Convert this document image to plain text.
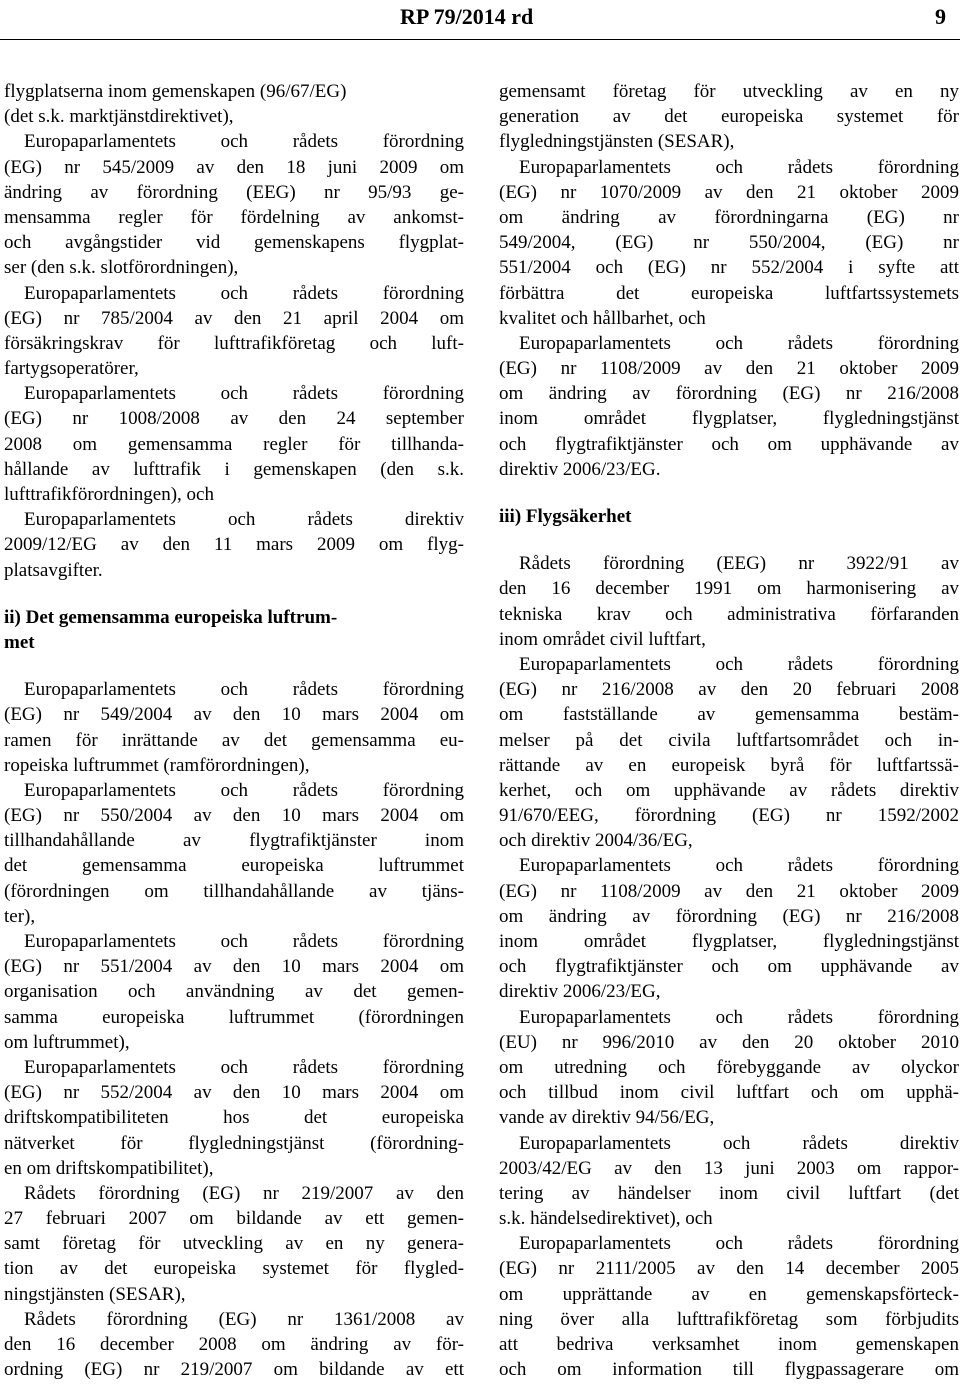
RP 79/2014 rd	9
flygplatserna inom gemenskapen (96/67/EG)
(det s.k. marktjänstdirektivet),
Europaparlamentets och rådets förordning
(EG) nr 545/2009 av den 18 juni 2009 om
ändring av förordning (EEG) nr 95/93 ge-
mensamma regler för fördelning av ankomst-
och avgångstider vid gemenskapens flygplat-
ser (den s.k. slotförordningen),
Europaparlamentets och rådets förordning
(EG) nr 785/2004 av den 21 april 2004 om
försäkringskrav för lufttrafikföretag och luft-
fartygsoperatörer,
Europaparlamentets och rådets förordning
(EG) nr 1008/2008 av den 24 september
2008 om gemensamma regler för tillhanda-
hållande av lufttrafik i gemenskapen (den s.k.
lufttrafikförordningen), och
Europaparlamentets och rådets direktiv
2009/12/EG av den 11 mars 2009 om flyg-
platsavgifter.
ii) Det gemensamma europeiska luftrum-
met
Europaparlamentets och rådets förordning
(EG) nr 549/2004 av den 10 mars 2004 om
ramen för inrättande av det gemensamma eu-
ropeiska luftrummet (ramförordningen),
Europaparlamentets och rådets förordning
(EG) nr 550/2004 av den 10 mars 2004 om
tillhandahållande av flygtrafiktjänster inom
det gemensamma europeiska luftrummet
(förordningen om tillhandahållande av tjäns-
ter),
Europaparlamentets och rådets förordning
(EG) nr 551/2004 av den 10 mars 2004 om
organisation och användning av det gemen-
samma europeiska luftrummet (förordningen
om luftrummet),
Europaparlamentets och rådets förordning
(EG) nr 552/2004 av den 10 mars 2004 om
driftskompatibiliteten hos det europeiska
nätverket för flygledningstjänst (förordning-
en om driftskompatibilitet),
Rådets förordning (EG) nr 219/2007 av den
27 februari 2007 om bildande av ett gemen-
samt företag för utveckling av en ny genera-
tion av det europeiska systemet för flygled-
ningstjänsten (SESAR),
Rådets förordning (EG) nr 1361/2008 av
den 16 december 2008 om ändring av för-
ordning (EG) nr 219/2007 om bildande av ett
gemensamt företag för utveckling av en ny
generation av det europeiska systemet för
flygledningstjänsten (SESAR),
Europaparlamentets och rådets förordning
(EG) nr 1070/2009 av den 21 oktober 2009
om ändring av förordningarna (EG) nr
549/2004, (EG) nr 550/2004, (EG) nr
551/2004 och (EG) nr 552/2004 i syfte att
förbättra det europeiska luftfartssystemets
kvalitet och hållbarhet, och
Europaparlamentets och rådets förordning
(EG) nr 1108/2009 av den 21 oktober 2009
om ändring av förordning (EG) nr 216/2008
inom området flygplatser, flygledningstjänst
och flygtrafiktjänster och om upphävande av
direktiv 2006/23/EG.
iii) Flygsäkerhet
Rådets förordning (EEG) nr 3922/91 av
den 16 december 1991 om harmonisering av
tekniska krav och administrativa förfaranden
inom området civil luftfart,
Europaparlamentets och rådets förordning
(EG) nr 216/2008 av den 20 februari 2008
om fastställande av gemensamma bestäm-
melser på det civila luftfartsområdet och in-
rättande av en europeisk byrå för luftfartssä-
kerhet, och om upphävande av rådets direktiv
91/670/EEG, förordning (EG) nr 1592/2002
och direktiv 2004/36/EG,
Europaparlamentets och rådets förordning
(EG) nr 1108/2009 av den 21 oktober 2009
om ändring av förordning (EG) nr 216/2008
inom området flygplatser, flygledningstjänst
och flygtrafiktjänster och om upphävande av
direktiv 2006/23/EG,
Europaparlamentets och rådets förordning
(EU) nr 996/2010 av den 20 oktober 2010
om utredning och förebyggande av olyckor
och tillbud inom civil luftfart och om upphä-
vande av direktiv 94/56/EG,
Europaparlamentets och rådets direktiv
2003/42/EG av den 13 juni 2003 om rappor-
tering av händelser inom civil luftfart (det
s.k. händelsedirektivet), och
Europaparlamentets och rådets förordning
(EG) nr 2111/2005 av den 14 december 2005
om upprättande av en gemenskapsförteck-
ning över alla lufttrafikföretag som förbjudits
att bedriva verksamhet inom gemenskapen
och om information till flygpassagerare om
